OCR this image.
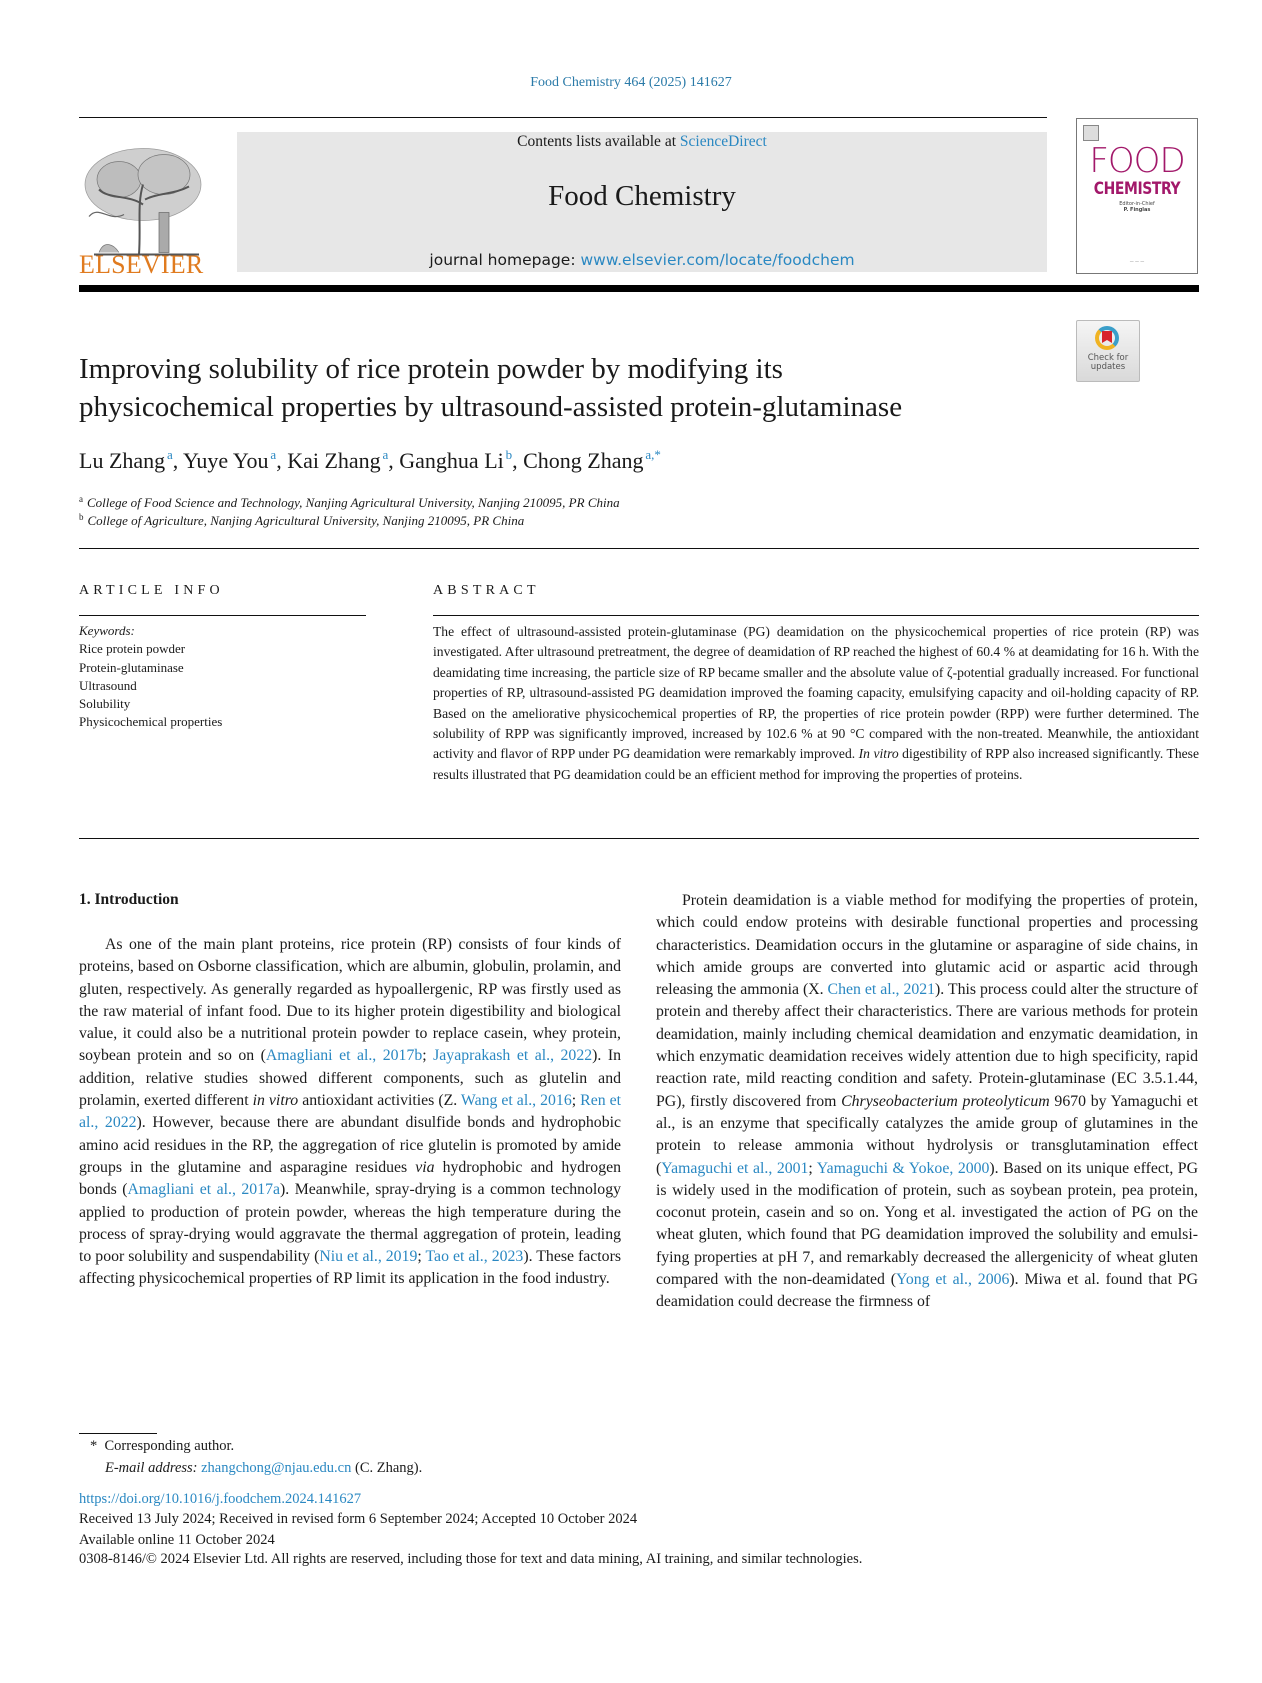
Food Chemistry 464 (2025) 141627
ELSEVIER
Contents lists available at ScienceDirect
Food Chemistry
journal homepage: www.elsevier.com/locate/foodchem
FOOD
CHEMISTRY
Editor-in-Chief
P. Finglas
— — —
Check for
updates
Improving solubility of rice protein powder by modifying its
physicochemical properties by ultrasound-assisted protein-glutaminase
Lu Zhang  $^a$, Yuye You  $^a$, Kai Zhang  $^a$, Ganghua Li  $^b$, Chong Zhang  $^{a,*}$
$^a$ College of Food Science and Technology, Nanjing Agricultural University, Nanjing 210095, PR China
$^b$ College of Agriculture, Nanjing Agricultural University, Nanjing 210095, PR China
ARTICLE INFO	ABSTRACT
Keywords:
Rice protein powder
Protein-glutaminase
Ultrasound
Solubility
Physicochemical properties
The effect of ultrasound-assisted protein-glutaminase (PG) deamidation on the physicochemical properties of rice protein (RP) was investigated. After ultrasound pretreatment, the degree of deamidation of RP reached the highest of 60.4 % at deamidating for 16 h. With the deamidating time increasing, the particle size of RP became smaller and the absolute value of ζ-potential gradually increased. For functional properties of RP, ultrasound-assisted PG deamidation improved the foaming capacity, emulsifying capacity and oil-holding capacity of RP. Based on the ameliorative physicochemical properties of RP, the properties of rice protein powder (RPP) were further determined. The solubility of RPP was significantly improved, increased by 102.6 % at 90 °C compared with the non-treated. Meanwhile, the antioxidant activity and flavor of RPP under PG deamidation were remarkably improved. In vitro digestibility of RPP also increased significantly. These results illustrated that PG deamidation could be an efficient method for improving the properties of proteins.
1. Introduction

As one of the main plant proteins, rice protein (RP) consists of four kinds of proteins, based on Osborne classification, which are albumin, globulin, prolamin, and gluten, respectively. As generally regarded as hypoallergenic, RP was firstly used as the raw material of infant food. Due to its higher protein digestibility and biological value, it could also be a nutritional protein powder to replace casein, whey protein, soybean protein and so on (Amagliani et al., 2017b; Jayaprakash et al., 2022). In addition, relative studies showed different components, such as glutelin and prolamin, exerted different in vitro antioxidant activities (Z. Wang et al., 2016; Ren et al., 2022). However, because there are abundant disulfide bonds and hydrophobic amino acid residues in the RP, the aggregation of rice glutelin is promoted by amide groups in the glutamine and asparagine residues via hydrophobic and hydrogen bonds (Amagliani et al., 2017a). Meanwhile, spray-drying is a common technology applied to production of protein powder, whereas the high temperature during the process of spray-drying would aggravate the thermal aggregation of protein, leading to poor solubility and suspendability (Niu et al., 2019; Tao et al., 2023). These factors affecting physicochemical properties of RP limit its application in the food industry.

Protein deamidation is a viable method for modifying the properties of protein, which could endow proteins with desirable functional properties and processing characteristics. Deamidation occurs in the glutamine or asparagine of side chains, in which amide groups are converted into glutamic acid or aspartic acid through releasing the ammonia (X. Chen et al., 2021). This process could alter the structure of protein and thereby affect their characteristics. There are various methods for protein deamidation, mainly including chemical deamidation and enzymatic deamidation, in which enzymatic deamidation receives widely attention due to high specificity, rapid reaction rate, mild reacting condition and safety. Protein-glutaminase (EC 3.5.1.44, PG), firstly discovered from Chryseobacterium proteolyticum 9670 by Yamaguchi et al., is an enzyme that specifically catalyzes the amide group of glutamines in the protein to release ammonia without hydrolysis or transglutamination effect (Yamaguchi et al., 2001; Yamaguchi & Yokoe, 2000). Based on its unique effect, PG is widely used in the modification of protein, such as soybean protein, pea protein, coconut protein, casein and so on. Yong et al. investigated the action of PG on the wheat gluten, which found that PG deamidation improved the solubility and emulsifying properties at pH 7, and remarkably decreased the allergenicity of wheat gluten compared with the non-deamidated (Yong et al., 2006). Miwa et al. found that PG deamidation could decrease the firmness of

* Corresponding author.
E-mail address: zhangchong@njau.edu.cn (C. Zhang).
https://doi.org/10.1016/j.foodchem.2024.141627
Received 13 July 2024; Received in revised form 6 September 2024; Accepted 10 October 2024
Available online 11 October 2024
0308-8146/© 2024 Elsevier Ltd. All rights are reserved, including those for text and data mining, AI training, and similar technologies.
